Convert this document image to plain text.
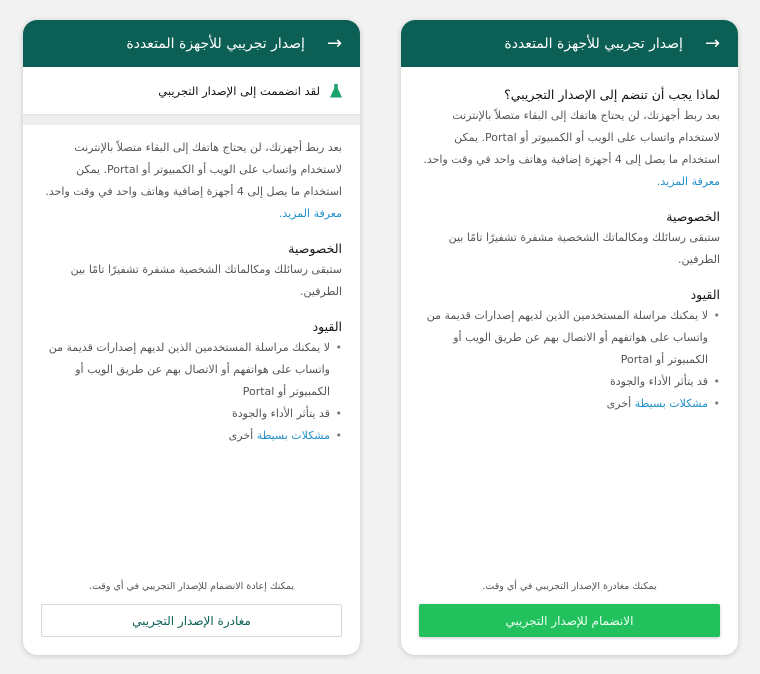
←
إصدار تجريبي للأجهزة المتعددة
لقد انضممت إلى الإصدار التجريبي

بعد ربط أجهزتك، لن يحتاج هاتفك إلى البقاء متصلاً بالإنترنت لاستخدام واتساب على الويب أو الكمبيوتر أو Portal. يمكن استخدام ما يصل إلى 4 أجهزة إضافية وهاتف واحد في وقت واحد. معرفة المزيد.

الخصوصية

ستبقى رسائلك ومكالماتك الشخصية مشفرة تشفيرًا تامًا بين الطرفين.

القيود
• لا يمكنك مراسلة المستخدمين الذين لديهم إصدارات قديمة من واتساب على هواتفهم أو الاتصال بهم عن طريق الويب أو الكمبيوتر أو Portal
• قد يتأثر الأداء والجودة
• مشكلات بسيطة أخرى
يمكنك إعادة الانضمام للإصدار التجريبي في أي وقت.
مغادرة الإصدار التجريبي
←
إصدار تجريبي للأجهزة المتعددة
لماذا يجب أن تنضم إلى الإصدار التجريبي؟

بعد ربط أجهزتك، لن يحتاج هاتفك إلى البقاء متصلاً بالإنترنت لاستخدام واتساب على الويب أو الكمبيوتر أو Portal. يمكن استخدام ما يصل إلى 4 أجهزة إضافية وهاتف واحد في وقت واحد. معرفة المزيد.

الخصوصية

ستبقى رسائلك ومكالماتك الشخصية مشفرة تشفيرًا تامًا بين الطرفين.

القيود
• لا يمكنك مراسلة المستخدمين الذين لديهم إصدارات قديمة من واتساب على هواتفهم أو الاتصال بهم عن طريق الويب أو الكمبيوتر أو Portal
• قد يتأثر الأداء والجودة
• مشكلات بسيطة أخرى
يمكنك مغادرة الإصدار التجريبي في أي وقت.
الانضمام للإصدار التجريبي
